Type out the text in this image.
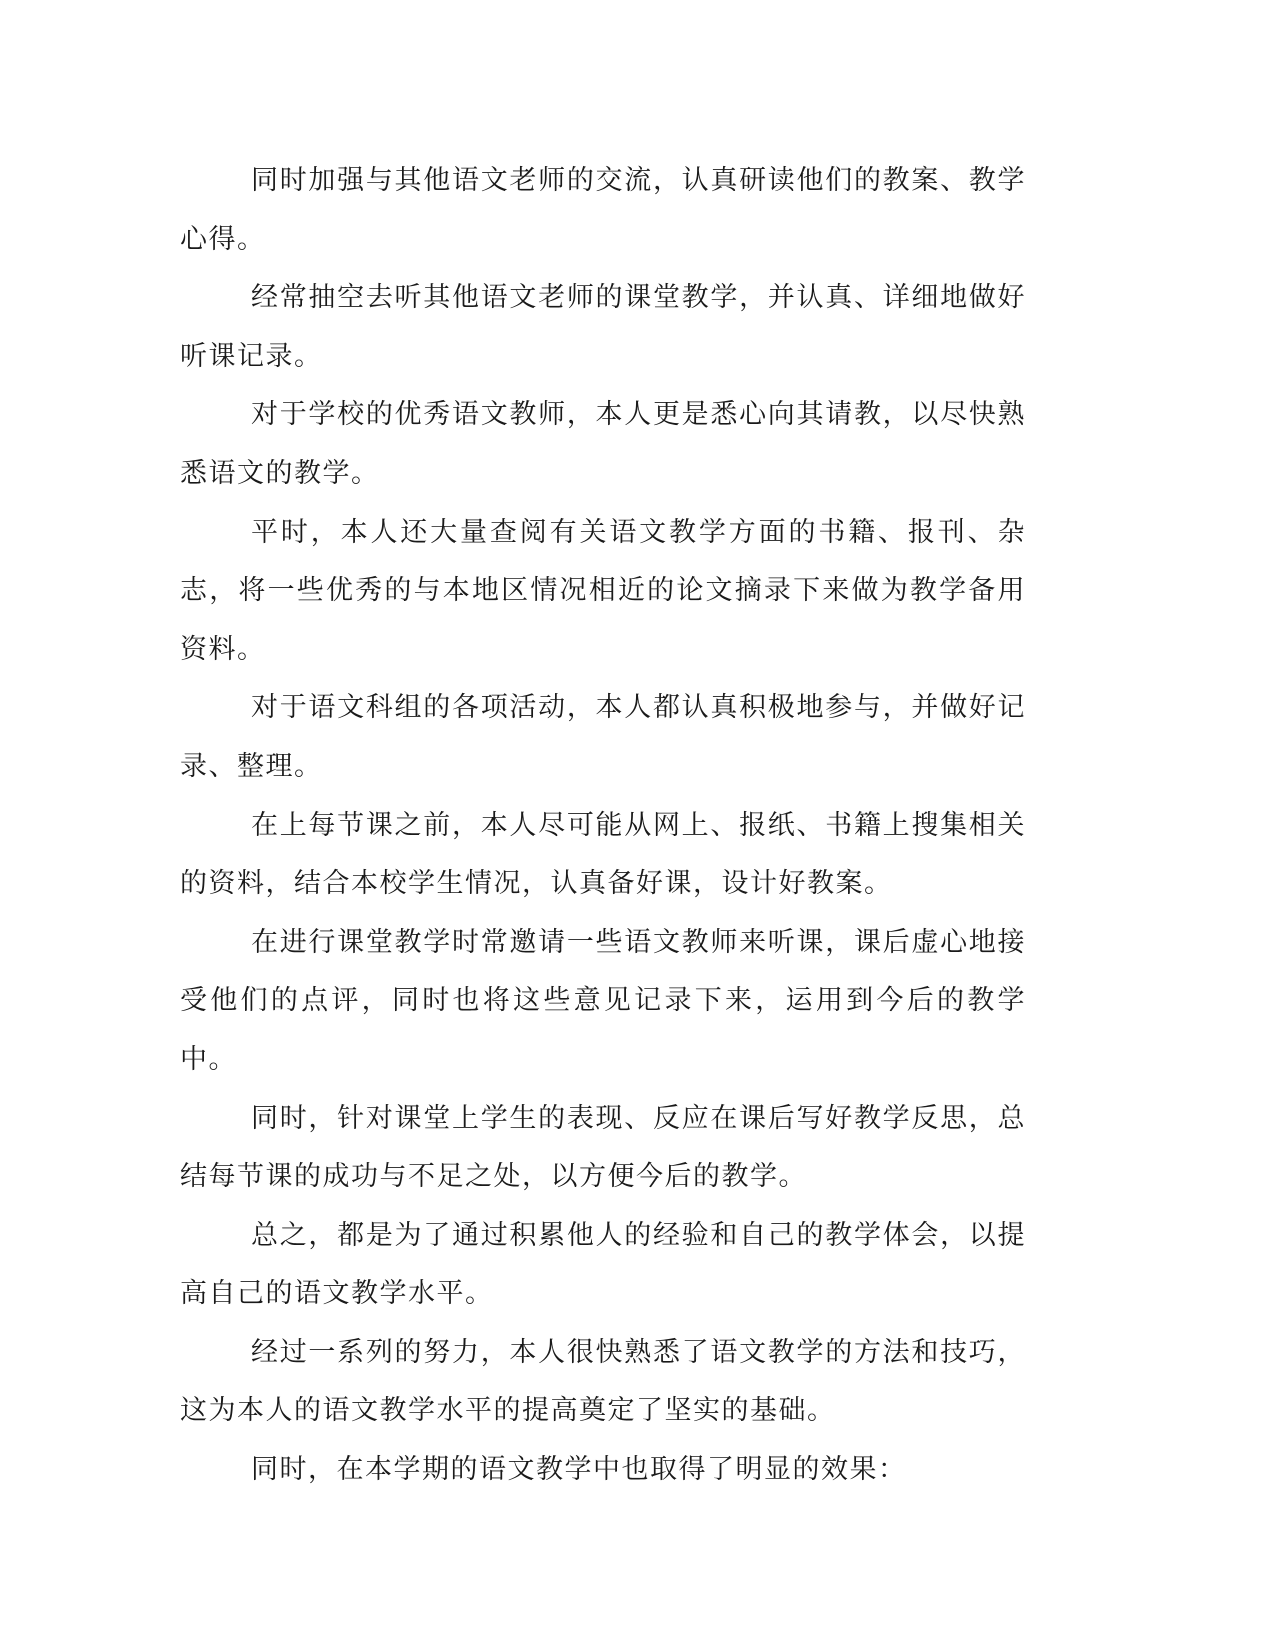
同时加强与其他语文老师的交流，认真研读他们的教案、教学心得。

经常抽空去听其他语文老师的课堂教学，并认真、详细地做好听课记录。

对于学校的优秀语文教师，本人更是悉心向其请教，以尽快熟悉语文的教学。

平时，本人还大量查阅有关语文教学方面的书籍、报刊、杂志，将一些优秀的与本地区情况相近的论文摘录下来做为教学备用资料。

对于语文科组的各项活动，本人都认真积极地参与，并做好记录、整理。

在上每节课之前，本人尽可能从网上、报纸、书籍上搜集相关的资料，结合本校学生情况，认真备好课，设计好教案。

在进行课堂教学时常邀请一些语文教师来听课，课后虚心地接受他们的点评，同时也将这些意见记录下来，运用到今后的教学中。

同时，针对课堂上学生的表现、反应在课后写好教学反思，总结每节课的成功与不足之处，以方便今后的教学。

总之，都是为了通过积累他人的经验和自己的教学体会，以提高自己的语文教学水平。

经过一系列的努力，本人很快熟悉了语文教学的方法和技巧，这为本人的语文教学水平的提高奠定了坚实的基础。

同时，在本学期的语文教学中也取得了明显的效果：
